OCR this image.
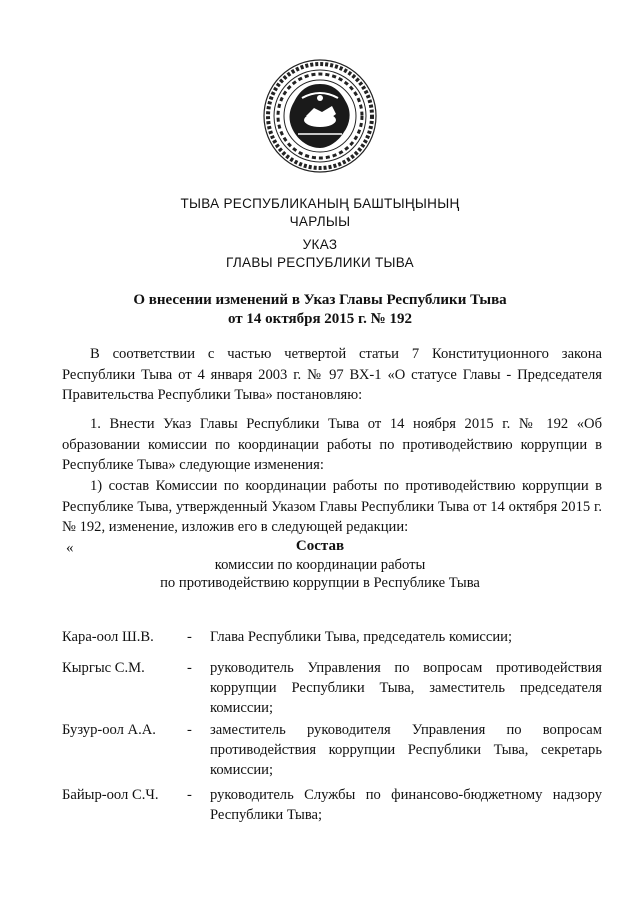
ТЫВА РЕСПУБЛИКАНЫҢ БАШТЫҢЫНЫҢ
ЧАРЛЫЫ
УКАЗ
ГЛАВЫ РЕСПУБЛИКИ ТЫВА
О внесении изменений в Указ Главы Республики Тыва
от 14 октября 2015 г. № 192
В соответствии с частью четвертой статьи 7 Конституционного закона Республики Тыва от 4 января 2003 г. № 97 ВХ-1 «О статусе Главы - Председателя Правительства Республики Тыва» постановляю:
1. Внести Указ Главы Республики Тыва от 14 ноября 2015 г. № 192 «Об образовании комиссии по координации работы по противодействию коррупции в Республике Тыва» следующие изменения:
1) состав Комиссии по координации работы по противодействию коррупции в Республике Тыва, утвержденный Указом Главы Республики Тыва от 14 октября 2015 г. № 192, изменение, изложив его в следующей редакции:
«	Состав
комиссии по координации работы
по противодействию коррупции в Республике Тыва
Кара-оол Ш.В.	- Глава Республики Тыва, председатель комиссии;
Кыргыс С.М.	- руководитель Управления по вопросам противодействия коррупции Республики Тыва, заместитель председателя комиссии;
Бузур-оол А.А.	- заместитель руководителя Управления по вопросам противодействия коррупции Республики Тыва, секретарь комиссии;
Байыр-оол С.Ч.	- руководитель Службы по финансово-бюджетному надзору Республики Тыва;
